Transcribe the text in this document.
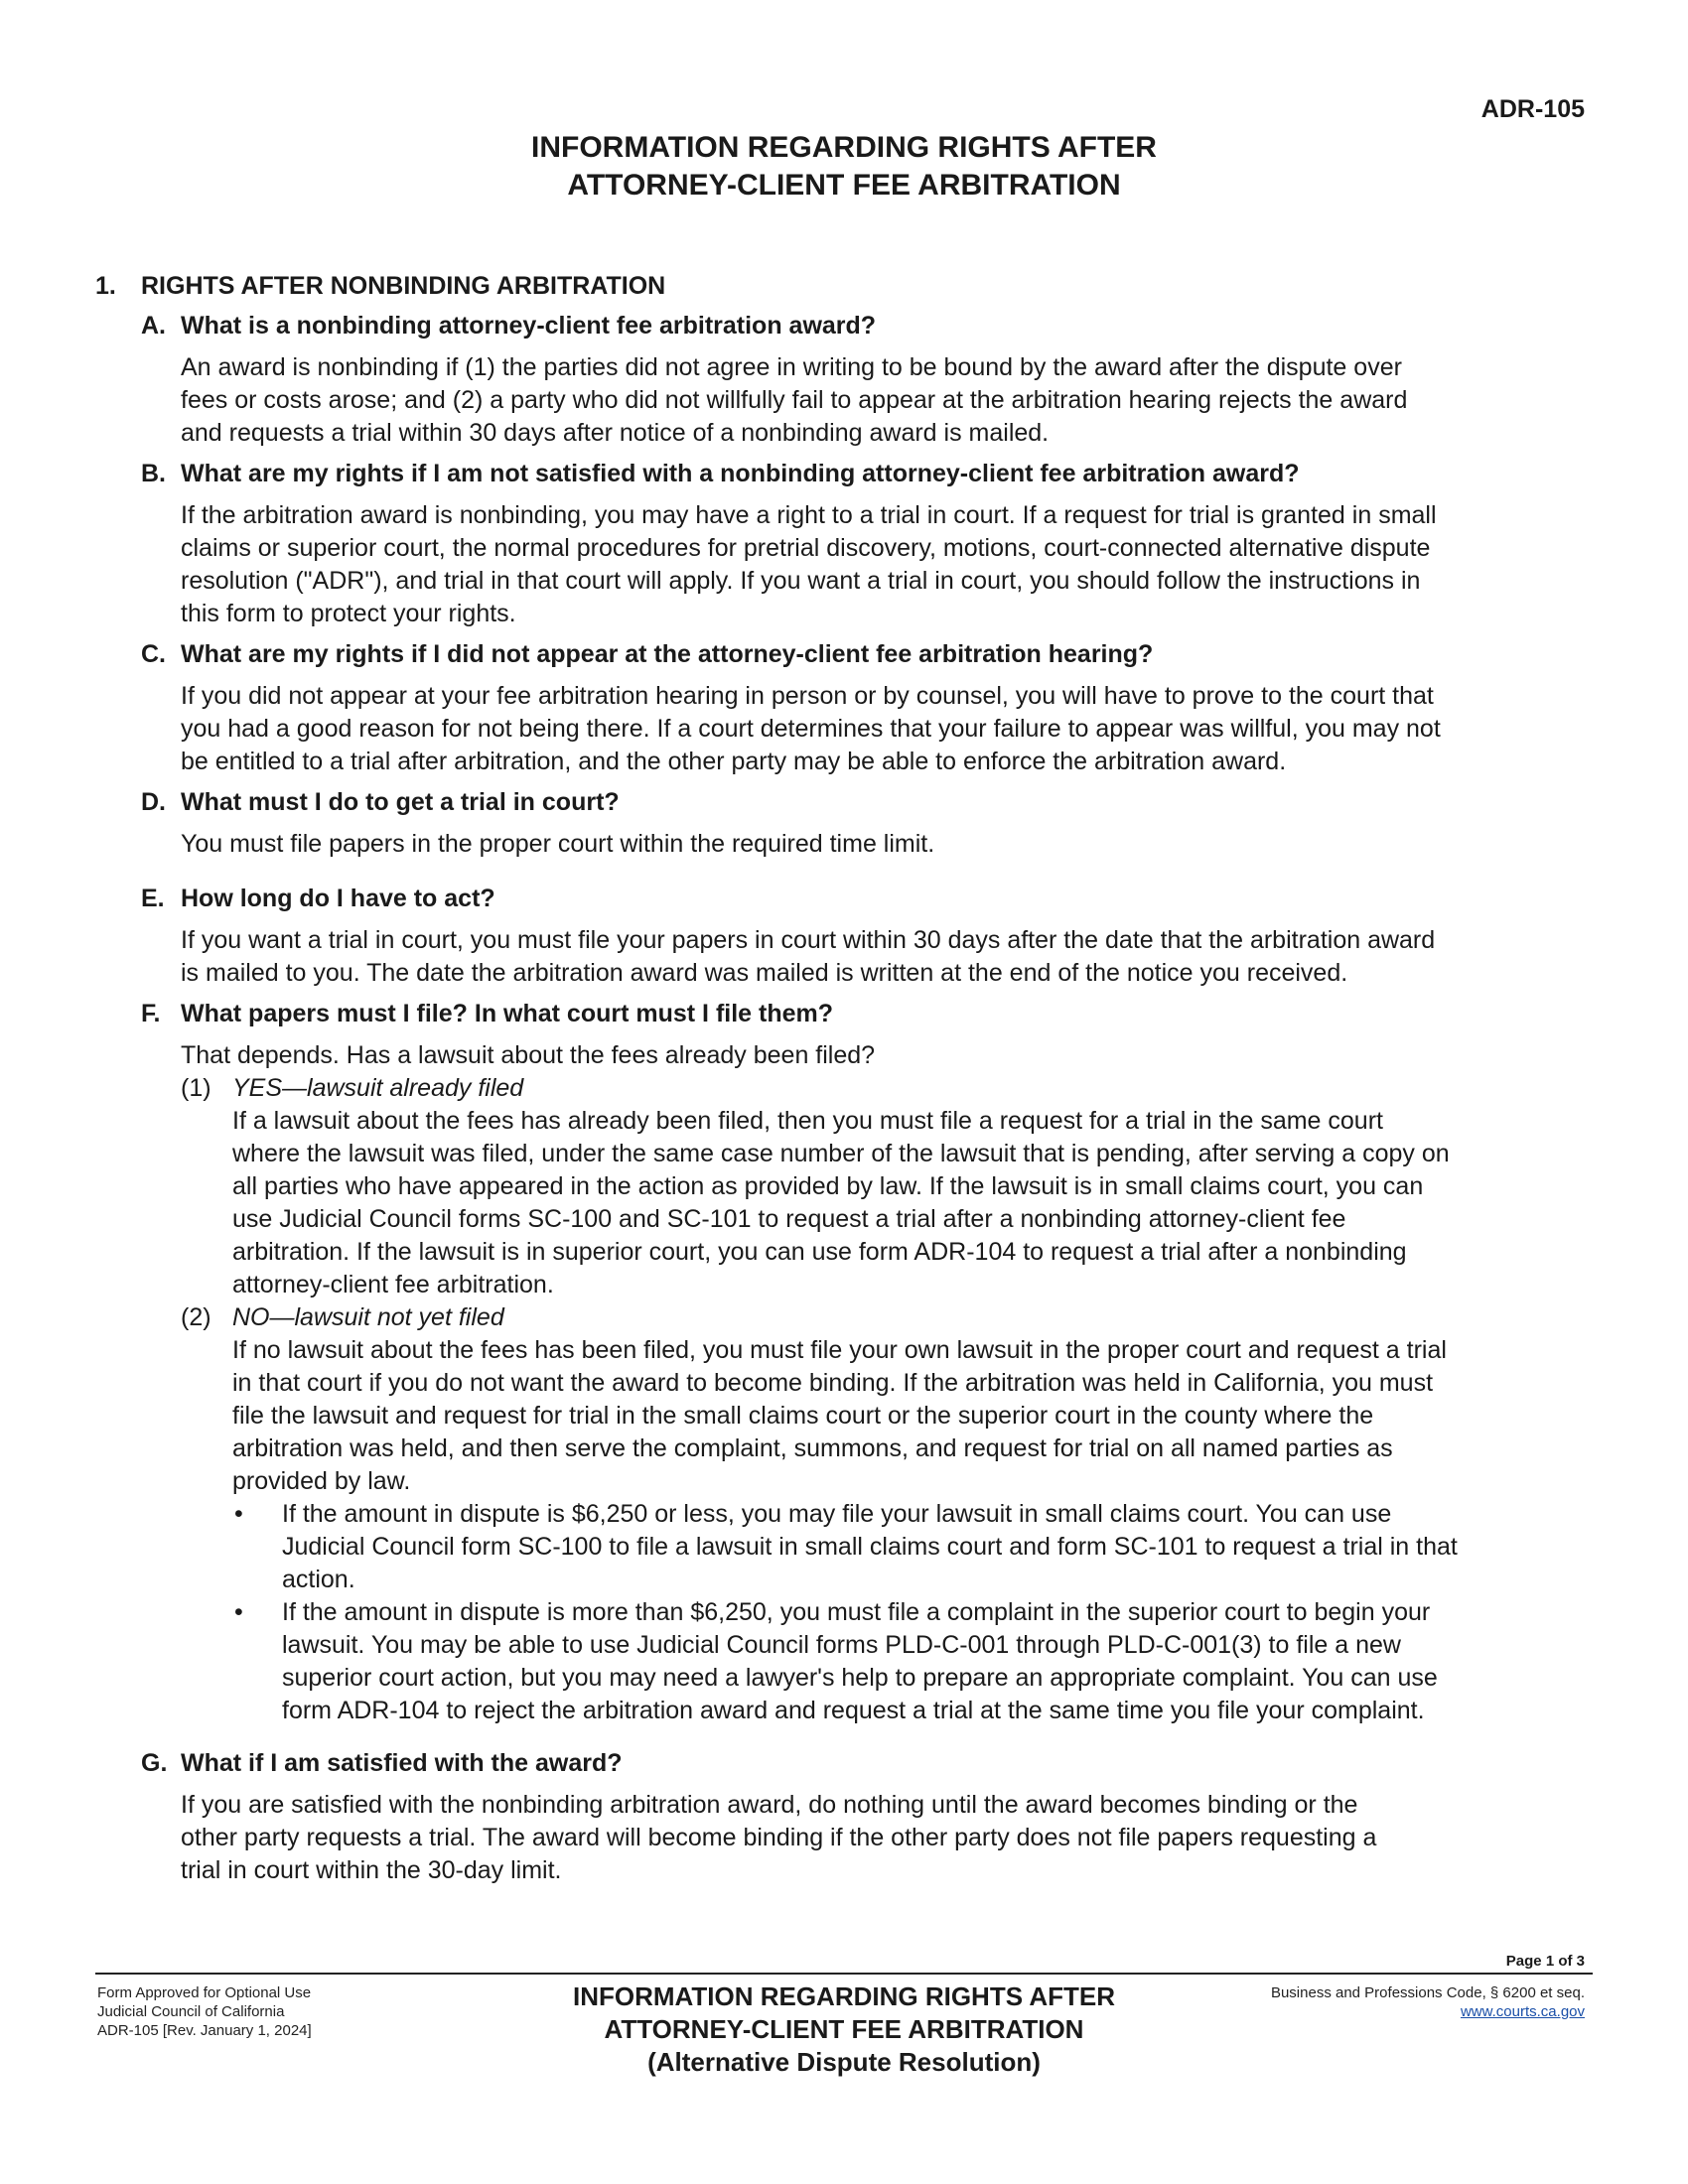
ADR-105
INFORMATION REGARDING RIGHTS AFTER
ATTORNEY-CLIENT FEE ARBITRATION
1. RIGHTS AFTER NONBINDING ARBITRATION
A. What is a nonbinding attorney-client fee arbitration award?
An award is nonbinding if (1) the parties did not agree in writing to be bound by the award after the dispute over
fees or costs arose; and (2) a party who did not willfully fail to appear at the arbitration hearing rejects the award
and requests a trial within 30 days after notice of a nonbinding award is mailed.
B. What are my rights if I am not satisfied with a nonbinding attorney-client fee arbitration award?
If the arbitration award is nonbinding, you may have a right to a trial in court. If a request for trial is granted in small
claims or superior court, the normal procedures for pretrial discovery, motions, court-connected alternative dispute
resolution ("ADR"), and trial in that court will apply. If you want a trial in court, you should follow the instructions in
this form to protect your rights.
C. What are my rights if I did not appear at the attorney-client fee arbitration hearing?
If you did not appear at your fee arbitration hearing in person or by counsel, you will have to prove to the court that
you had a good reason for not being there. If a court determines that your failure to appear was willful, you may not
be entitled to a trial after arbitration, and the other party may be able to enforce the arbitration award.
D. What must I do to get a trial in court?
You must file papers in the proper court within the required time limit.
E. How long do I have to act?
If you want a trial in court, you must file your papers in court within 30 days after the date that the arbitration award
is mailed to you. The date the arbitration award was mailed is written at the end of the notice you received.
F. What papers must I file? In what court must I file them?
That depends. Has a lawsuit about the fees already been filed?
(1) YES—lawsuit already filed
If a lawsuit about the fees has already been filed, then you must file a request for a trial in the same court
where the lawsuit was filed, under the same case number of the lawsuit that is pending, after serving a copy on
all parties who have appeared in the action as provided by law. If the lawsuit is in small claims court, you can
use Judicial Council forms SC-100 and SC-101 to request a trial after a nonbinding attorney-client fee
arbitration. If the lawsuit is in superior court, you can use form ADR-104 to request a trial after a nonbinding
attorney-client fee arbitration.
(2) NO—lawsuit not yet filed
If no lawsuit about the fees has been filed, you must file your own lawsuit in the proper court and request a trial
in that court if you do not want the award to become binding. If the arbitration was held in California, you must
file the lawsuit and request for trial in the small claims court or the superior court in the county where the
arbitration was held, and then serve the complaint, summons, and request for trial on all named parties as
provided by law.
• If the amount in dispute is $6,250 or less, you may file your lawsuit in small claims court. You can use
Judicial Council form SC-100 to file a lawsuit in small claims court and form SC-101 to request a trial in that
action.
• If the amount in dispute is more than $6,250, you must file a complaint in the superior court to begin your
lawsuit. You may be able to use Judicial Council forms PLD-C-001 through PLD-C-001(3) to file a new
superior court action, but you may need a lawyer's help to prepare an appropriate complaint. You can use
form ADR-104 to reject the arbitration award and request a trial at the same time you file your complaint.
G. What if I am satisfied with the award?
If you are satisfied with the nonbinding arbitration award, do nothing until the award becomes binding or the
other party requests a trial. The award will become binding if the other party does not file papers requesting a
trial in court within the 30-day limit.
Page 1 of 3
Form Approved for Optional Use
Judicial Council of California
ADR-105 [Rev. January 1, 2024]
INFORMATION REGARDING RIGHTS AFTER
ATTORNEY-CLIENT FEE ARBITRATION
(Alternative Dispute Resolution)
Business and Professions Code, § 6200 et seq.
www.courts.ca.gov
